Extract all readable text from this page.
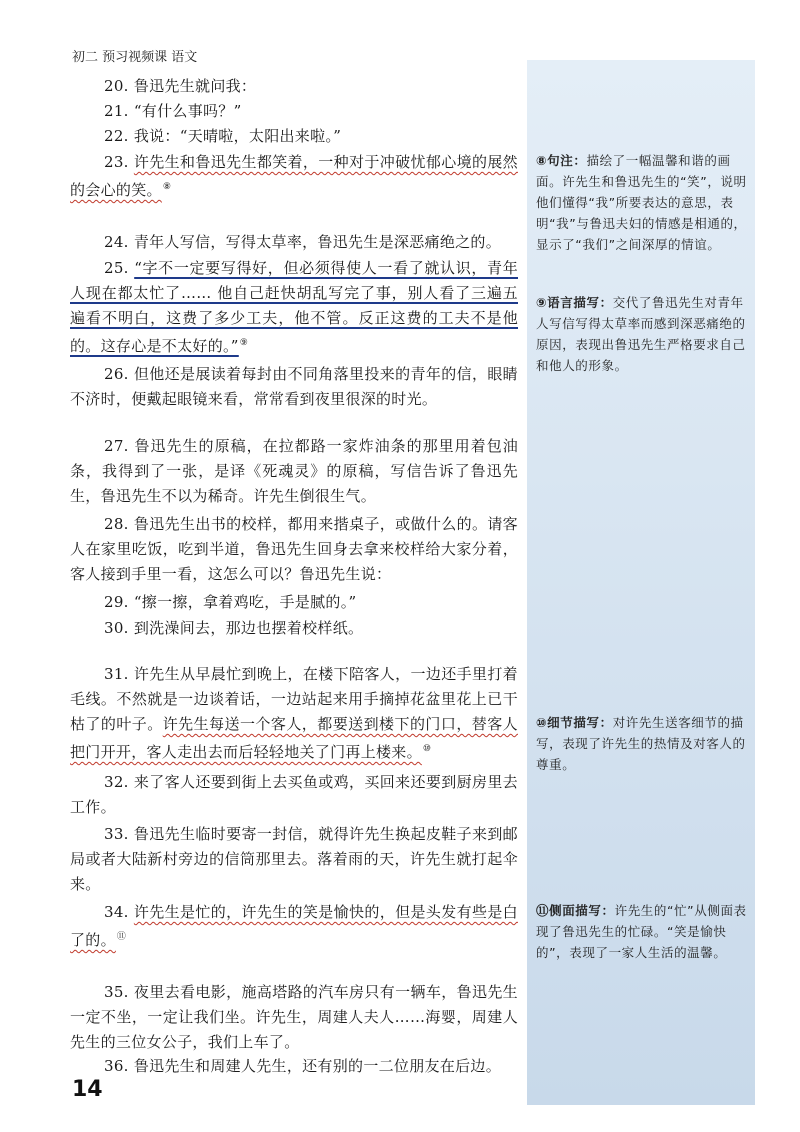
初二 预习视频课 语文

20. 鲁迅先生就问我：

21. “有什么事吗？”

22. 我说：“天晴啦，太阳出来啦。”

23. 许先生和鲁迅先生都笑着，一种对于冲破忧郁心境的展然的会心的笑。⑧

24. 青年人写信，写得太草率，鲁迅先生是深恶痛绝之的。

25. “字不一定要写得好，但必须得使人一看了就认识，青年人现在都太忙了…… 他自己赶快胡乱写完了事，别人看了三遍五遍看不明白，这费了多少工夫，他不管。反正这费的工夫不是他的。这存心是不太好的。”⑨

26. 但他还是展读着每封由不同角落里投来的青年的信，眼睛不济时，便戴起眼镜来看，常常看到夜里很深的时光。

27. 鲁迅先生的原稿，在拉都路一家炸油条的那里用着包油条，我得到了一张，是译《死魂灵》的原稿，写信告诉了鲁迅先生，鲁迅先生不以为稀奇。许先生倒很生气。

28. 鲁迅先生出书的校样，都用来揩桌子，或做什么的。请客人在家里吃饭，吃到半道，鲁迅先生回身去拿来校样给大家分着，客人接到手里一看，这怎么可以？鲁迅先生说：

29. “擦一擦，拿着鸡吃，手是腻的。”

30. 到洗澡间去，那边也摆着校样纸。

31. 许先生从早晨忙到晚上，在楼下陪客人，一边还手里打着毛线。不然就是一边谈着话，一边站起来用手摘掉花盆里花上已干枯了的叶子。许先生每送一个客人，都要送到楼下的门口，替客人把门开开，客人走出去而后轻轻地关了门再上楼来。⑩

32. 来了客人还要到街上去买鱼或鸡，买回来还要到厨房里去工作。

33. 鲁迅先生临时要寄一封信，就得许先生换起皮鞋子来到邮局或者大陆新村旁边的信筒那里去。落着雨的天，许先生就打起伞来。

34. 许先生是忙的，许先生的笑是愉快的，但是头发有些是白了的。⑪

35. 夜里去看电影，施高塔路的汽车房只有一辆车，鲁迅先生一定不坐，一定让我们坐。许先生，周建人夫人……海婴，周建人先生的三位女公子，我们上车了。

36. 鲁迅先生和周建人先生，还有别的一二位朋友在后边。

⑧句注：描绘了一幅温馨和谐的画面。许先生和鲁迅先生的“笑”，说明他们懂得“我”所要表达的意思，表明“我”与鲁迅夫妇的情感是相通的，显示了“我们”之间深厚的情谊。
⑨语言描写：交代了鲁迅先生对青年人写信写得太草率而感到深恶痛绝的原因，表现出鲁迅先生严格要求自己和他人的形象。
⑩细节描写：对许先生送客细节的描写，表现了许先生的热情及对客人的尊重。
⑪侧面描写：许先生的“忙”从侧面表现了鲁迅先生的忙碌。“笑是愉快的”，表现了一家人生活的温馨。
14
